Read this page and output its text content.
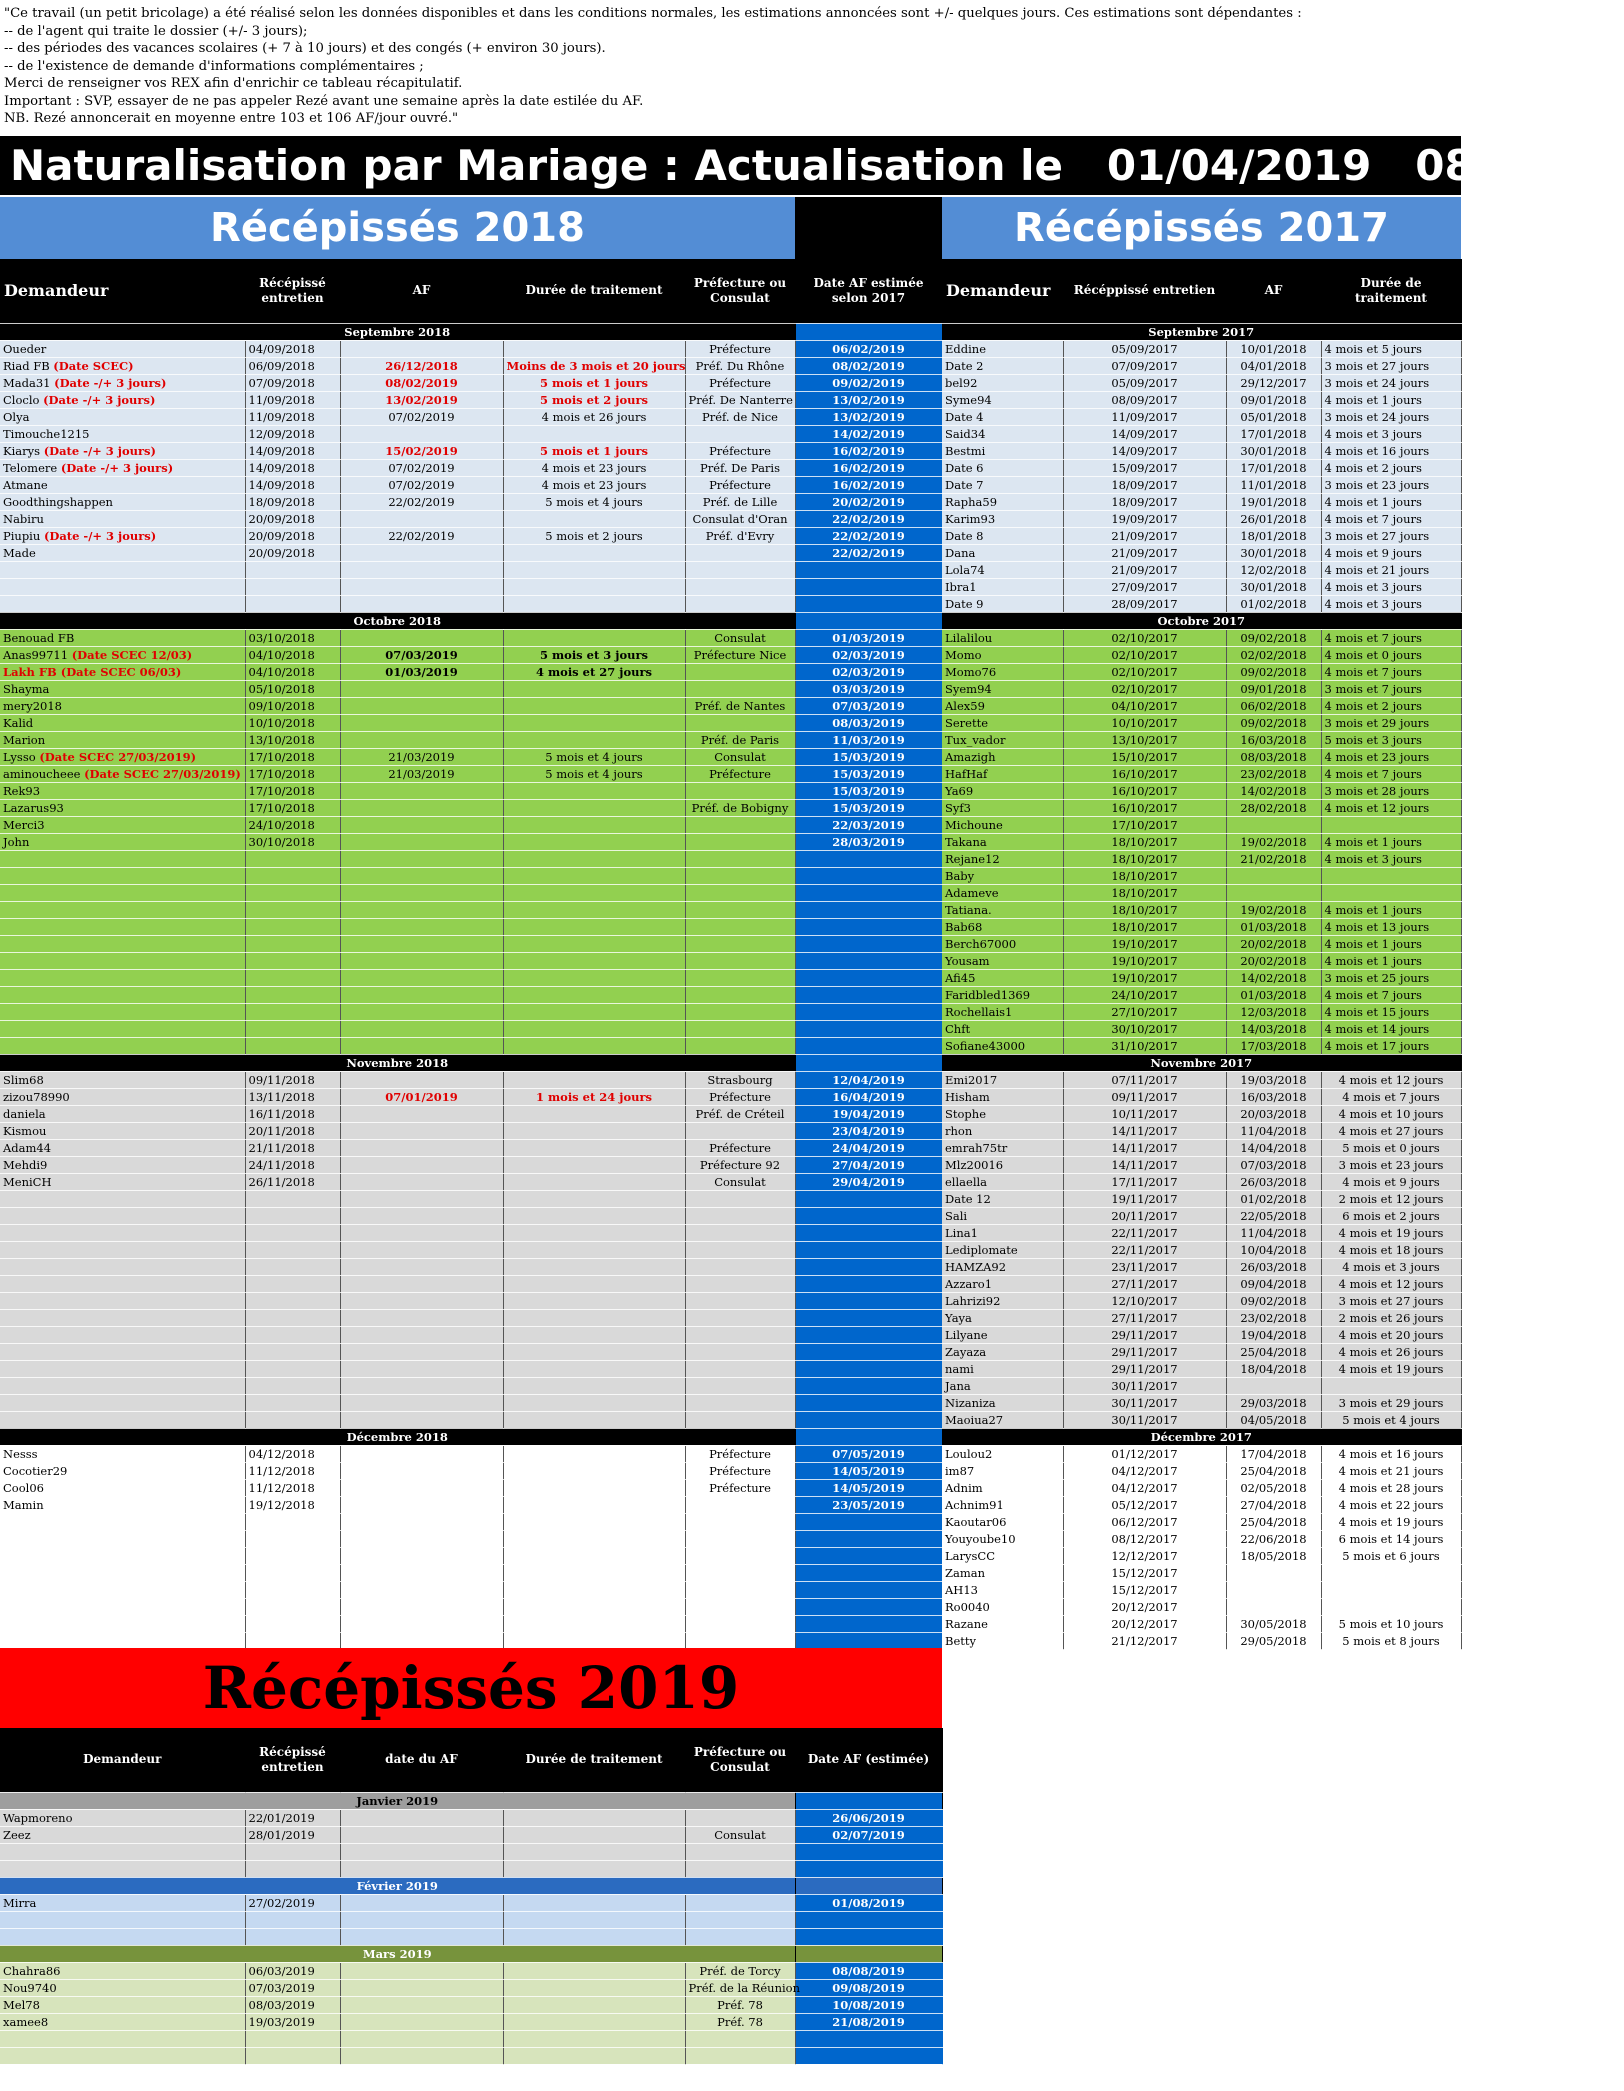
"Ce travail (un petit bricolage) a été réalisé selon les données disponibles et dans les conditions normales, les estimations annoncées sont +/- quelques jours. Ces estimations sont dépendantes :
-- de l'agent qui traite le dossier (+/- 3 jours);
-- des périodes des vacances scolaires (+ 7 à 10 jours) et des congés (+ environ 30 jours).
-- de l'existence de demande d'informations complémentaires ;
Merci de renseigner vos REX afin d'enrichir ce tableau récapitulatif.
Important : SVP, essayer de ne pas appeler Rezé avant une semaine après la date estilée du AF.
NB. Rezé annoncerait en moyenne entre 103 et 106 AF/jour ouvré."
Naturalisation par Mariage : Actualisation le   01/04/2019   08:03:48
Récépissés 2018	Récépissés 2017
Demandeur	Récépissé entretien	AF	Durée de traitement	Préfecture ou Consulat	Date AF estimée selon 2017
Septembre 2018					
Oueder	04/09/2018			Préfecture	06/02/2019
Riad FB (Date SCEC)	06/09/2018	26/12/2018	Moins de 3 mois et 20 jours	Préf. Du Rhône	08/02/2019
Mada31 (Date -/+ 3 jours)	07/09/2018	08/02/2019	5 mois et 1 jours	Préfecture	09/02/2019
Cloclo (Date -/+ 3 jours)	11/09/2018	13/02/2019	5 mois et 2 jours	Préf. De Nanterre	13/02/2019
Olya	11/09/2018	07/02/2019	4 mois et 26 jours	Préf. de Nice	13/02/2019
Timouche1215	12/09/2018				14/02/2019
Kiarys (Date -/+ 3 jours)	14/09/2018	15/02/2019	5 mois et 1 jours	Préfecture	16/02/2019
Telomere (Date -/+ 3 jours)	14/09/2018	07/02/2019	4 mois et 23 jours	Préf. De Paris	16/02/2019
Atmane	14/09/2018	07/02/2019	4 mois et 23 jours	Préfecture	16/02/2019
Goodthingshappen	18/09/2018	22/02/2019	5 mois et 4 jours	Préf. de Lille	20/02/2019
Nabiru	20/09/2018			Consulat d'Oran	22/02/2019
Piupiu (Date -/+ 3 jours)	20/09/2018	22/02/2019	5 mois et 2 jours	Préf. d'Evry	22/02/2019
Made	20/09/2018				22/02/2019

Octobre 2018					
Benouad FB	03/10/2018			Consulat	01/03/2019
Anas99711 (Date SCEC 12/03)	04/10/2018	07/03/2019	5 mois et 3 jours	Préfecture Nice	02/03/2019
Lakh FB (Date SCEC 06/03)	04/10/2018	01/03/2019	4 mois et 27 jours		02/03/2019
Shayma	05/10/2018				03/03/2019
mery2018	09/10/2018			Préf. de Nantes	07/03/2019
Kalid	10/10/2018				08/03/2019
Marion	13/10/2018			Préf. de Paris	11/03/2019
Lysso (Date SCEC 27/03/2019)	17/10/2018	21/03/2019	5 mois et 4 jours	Consulat	15/03/2019
aminoucheee (Date SCEC 27/03/2019)	17/10/2018	21/03/2019	5 mois et 4 jours	Préfecture	15/03/2019
Rek93	17/10/2018				15/03/2019
Lazarus93	17/10/2018			Préf. de Bobigny	15/03/2019
Merci3	24/10/2018				22/03/2019
John	30/10/2018				28/03/2019

Novembre 2018					
Slim68	09/11/2018			Strasbourg	12/04/2019
zizou78990	13/11/2018	07/01/2019	1 mois et 24 jours	Préfecture	16/04/2019
daniela	16/11/2018			Préf. de Créteil	19/04/2019
Kismou	20/11/2018				23/04/2019
Adam44	21/11/2018			Préfecture	24/04/2019
Mehdi9	24/11/2018			Préfecture 92	27/04/2019
MeniCH	26/11/2018			Consulat	29/04/2019

Décembre 2018					
Nesss	04/12/2018			Préfecture	07/05/2019
Cocotier29	11/12/2018			Préfecture	14/05/2019
Cool06	11/12/2018			Préfecture	14/05/2019
Mamin	19/12/2018				23/05/2019

Demandeur	Récéppissé entretien	AF	Durée de traitement
Septembre 2017			
Eddine	05/09/2017	10/01/2018	4 mois et 5 jours
Date 2	07/09/2017	04/01/2018	3 mois et 27 jours
bel92	05/09/2017	29/12/2017	3 mois et 24 jours
Syme94	08/09/2017	09/01/2018	4 mois et 1 jours
Date 4	11/09/2017	05/01/2018	3 mois et 24 jours
Said34	14/09/2017	17/01/2018	4 mois et 3 jours
Bestmi	14/09/2017	30/01/2018	4 mois et 16 jours
Date 6	15/09/2017	17/01/2018	4 mois et 2 jours
Date 7	18/09/2017	11/01/2018	3 mois et 23 jours
Rapha59	18/09/2017	19/01/2018	4 mois et 1 jours
Karim93	19/09/2017	26/01/2018	4 mois et 7 jours
Date 8	21/09/2017	18/01/2018	3 mois et 27 jours
Dana	21/09/2017	30/01/2018	4 mois et 9 jours
Lola74	21/09/2017	12/02/2018	4 mois et 21 jours
Ibra1	27/09/2017	30/01/2018	4 mois et 3 jours
Date 9	28/09/2017	01/02/2018	4 mois et 3 jours
Octobre 2017			
Lilalilou	02/10/2017	09/02/2018	4 mois et 7 jours
Momo	02/10/2017	02/02/2018	4 mois et 0 jours
Momo76	02/10/2017	09/02/2018	4 mois et 7 jours
Syem94	02/10/2017	09/01/2018	3 mois et 7 jours
Alex59	04/10/2017	06/02/2018	4 mois et 2 jours
Serette	10/10/2017	09/02/2018	3 mois et 29 jours
Tux_vador	13/10/2017	16/03/2018	5 mois et 3 jours
Amazigh	15/10/2017	08/03/2018	4 mois et 23 jours
HafHaf	16/10/2017	23/02/2018	4 mois et 7 jours
Ya69	16/10/2017	14/02/2018	3 mois et 28 jours
Syf3	16/10/2017	28/02/2018	4 mois et 12 jours
Michoune	17/10/2017		
Takana	18/10/2017	19/02/2018	4 mois et 1 jours
Rejane12	18/10/2017	21/02/2018	4 mois et 3 jours
Baby	18/10/2017		
Adameve	18/10/2017		
Tatiana.	18/10/2017	19/02/2018	4 mois et 1 jours
Bab68	18/10/2017	01/03/2018	4 mois et 13 jours
Berch67000	19/10/2017	20/02/2018	4 mois et 1 jours
Yousam	19/10/2017	20/02/2018	4 mois et 1 jours
Afi45	19/10/2017	14/02/2018	3 mois et 25 jours
Faridbled1369	24/10/2017	01/03/2018	4 mois et 7 jours
Rochellais1	27/10/2017	12/03/2018	4 mois et 15 jours
Chft	30/10/2017	14/03/2018	4 mois et 14 jours
Sofiane43000	31/10/2017	17/03/2018	4 mois et 17 jours
Novembre 2017			
Emi2017	07/11/2017	19/03/2018	4 mois et 12 jours
Hisham	09/11/2017	16/03/2018	4 mois et 7 jours
Stophe	10/11/2017	20/03/2018	4 mois et 10 jours
rhon	14/11/2017	11/04/2018	4 mois et 27 jours
emrah75tr	14/11/2017	14/04/2018	5 mois et 0 jours
Mlz20016	14/11/2017	07/03/2018	3 mois et 23 jours
ellaella	17/11/2017	26/03/2018	4 mois et 9 jours
Date 12	19/11/2017	01/02/2018	2 mois et 12 jours
Sali	20/11/2017	22/05/2018	6 mois et 2 jours
Lina1	22/11/2017	11/04/2018	4 mois et 19 jours
Lediplomate	22/11/2017	10/04/2018	4 mois et 18 jours
HAMZA92	23/11/2017	26/03/2018	4 mois et 3 jours
Azzaro1	27/11/2017	09/04/2018	4 mois et 12 jours
Lahrizi92	12/10/2017	09/02/2018	3 mois et 27 jours
Yaya	27/11/2017	23/02/2018	2 mois et 26 jours
Lilyane	29/11/2017	19/04/2018	4 mois et 20 jours
Zayaza	29/11/2017	25/04/2018	4 mois et 26 jours
nami	29/11/2017	18/04/2018	4 mois et 19 jours
Jana	30/11/2017		
Nizaniza	30/11/2017	29/03/2018	3 mois et 29 jours
Maoiua27	30/11/2017	04/05/2018	5 mois et 4 jours
Décembre 2017			
Loulou2	01/12/2017	17/04/2018	4 mois et 16 jours
im87	04/12/2017	25/04/2018	4 mois et 21 jours
Adnim	04/12/2017	02/05/2018	4 mois et 28 jours
Achnim91	05/12/2017	27/04/2018	4 mois et 22 jours
Kaoutar06	06/12/2017	25/04/2018	4 mois et 19 jours
Youyoube10	08/12/2017	22/06/2018	6 mois et 14 jours
LarysCC	12/12/2017	18/05/2018	5 mois et 6 jours
Zaman	15/12/2017		
AH13	15/12/2017		
Ro0040	20/12/2017		
Razane	20/12/2017	30/05/2018	5 mois et 10 jours
Betty	21/12/2017	29/05/2018	5 mois et 8 jours
Récépissés 2019
Demandeur	Récépissé entretien	date du AF	Durée de traitement	Préfecture ou Consulat	Date AF (estimée)
Janvier 2019					
Wapmoreno	22/01/2019				26/06/2019
Zeez	28/01/2019			Consulat	02/07/2019

Février 2019					
Mirra	27/02/2019				01/08/2019

Mars 2019					
Chahra86	06/03/2019			Préf. de Torcy	08/08/2019
Nou9740	07/03/2019			Préf. de la Réunion	09/08/2019
Mel78	08/03/2019			Préf. 78	10/08/2019
xamee8	19/03/2019			Préf. 78	21/08/2019
